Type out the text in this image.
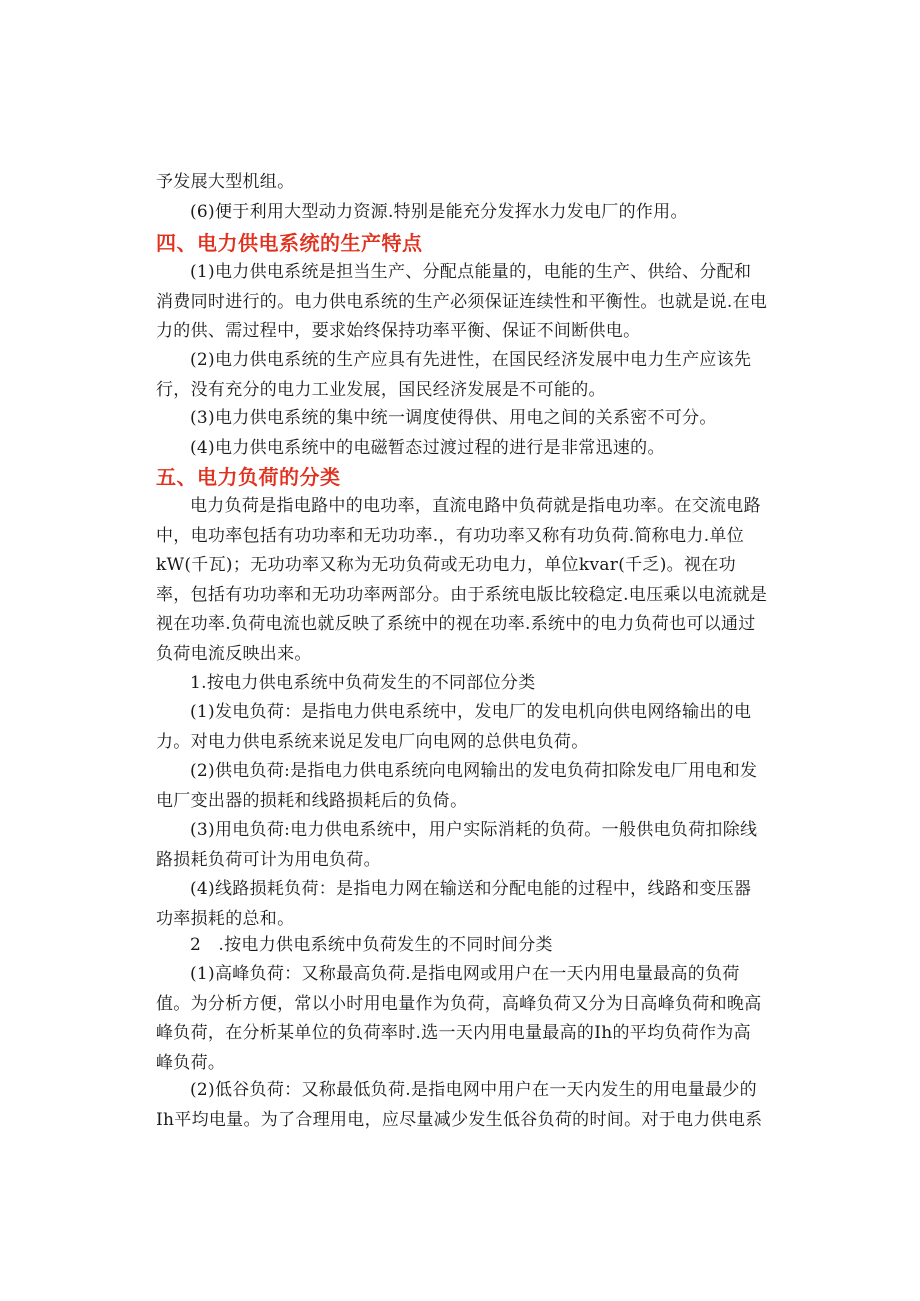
予发展大型机组。

(6)便于利用大型动力资源.特别是能充分发挥水力发电厂的作用。

四、电力供电系统的生产特点

(1)电力供电系统是担当生产、分配点能量的，电能的生产、供给、分配和消费同时进行的。电力供电系统的生产必须保证连续性和平衡性。也就是说.在电力的供、需过程中，要求始终保持功率平衡、保证不间断供电。

(2)电力供电系统的生产应具有先进性，在国民经济发展中电力生产应该先行，没有充分的电力工业发展，国民经济发展是不可能的。

(3)电力供电系统的集中统一调度使得供、用电之间的关系密不可分。

(4)电力供电系统中的电磁暂态过渡过程的进行是非常迅速的。

五、电力负荷的分类

电力负荷是指电路中的电功率，直流电路中负荷就是指电功率。在交流电路中，电功率包括有功功率和无功功率.，有功功率又称有功负荷.简称电力.单位kW(千瓦)；无功功率又称为无功负荷或无功电力，单位kvar(千乏)。视在功率，包括有功功率和无功功率两部分。由于系统电版比较稳定.电压乘以电流就是视在功率.负荷电流也就反映了系统中的视在功率.系统中的电力负荷也可以通过负荷电流反映出来。

1.按电力供电系统中负荷发生的不同部位分类

(1)发电负荷：是指电力供电系统中，发电厂的发电机向供电网络输出的电力。对电力供电系统来说足发电厂向电网的总供电负荷。

(2)供电负荷:是指电力供电系统向电网输出的发电负荷扣除发电厂用电和发电厂变出器的损耗和线路损耗后的负倚。

(3)用电负荷:电力供电系统中，用户实际消耗的负荷。一般供电负荷扣除线路损耗负荷可计为用电负荷。

(4)线路损耗负荷：是指电力网在输送和分配电能的过程中，线路和变压器功率损耗的总和。

2　.按电力供电系统中负荷发生的不同时间分类

(1)高峰负荷：又称最高负荷.是指电网或用户在一天内用电量最高的负荷值。为分析方便，常以小时用电量作为负荷，高峰负荷又分为日高峰负荷和晚高峰负荷，在分析某单位的负荷率时.选一天内用电量最高的Ih的平均负荷作为高峰负荷。

(2)低谷负荷：又称最低负荷.是指电网中用户在一天内发生的用电量最少的Ih平均电量。为了合理用电，应尽量减少发生低谷负荷的时间。对于电力供电系
